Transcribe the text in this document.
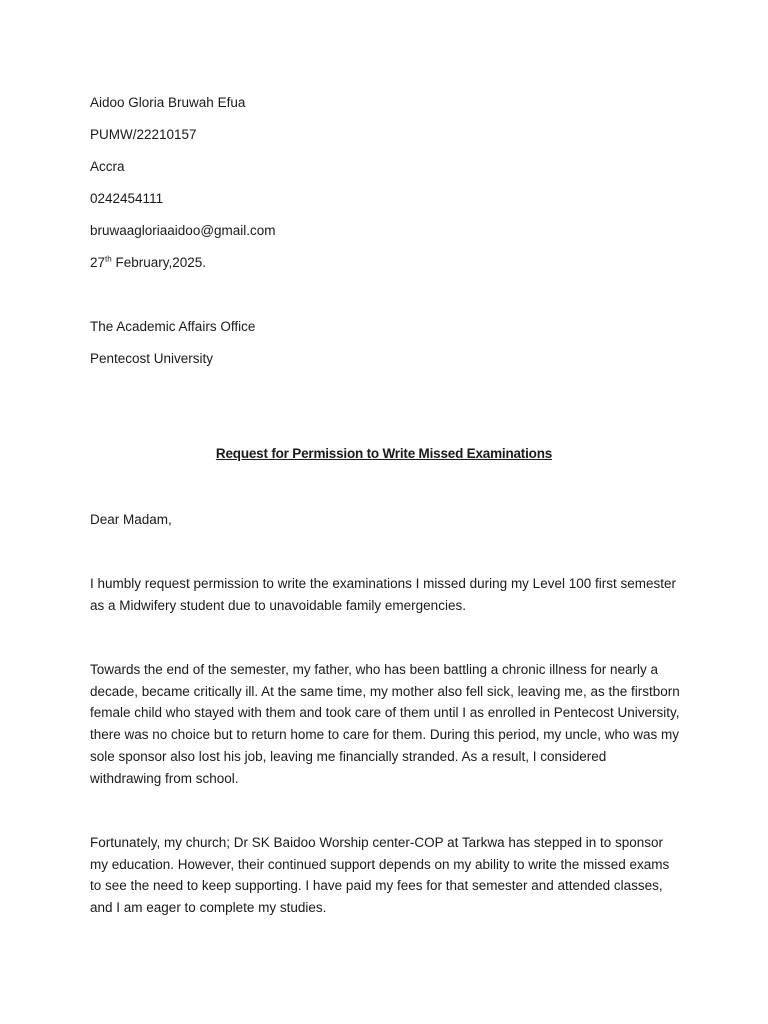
Aidoo Gloria Bruwah Efua
PUMW/22210157
Accra
0242454111
bruwaagloriaaidoo@gmail.com
27th February,2025.
The Academic Affairs Office
Pentecost University
Request for Permission to Write Missed Examinations
Dear Madam,

I humbly request permission to write the examinations I missed during my Level 100 first semester as a Midwifery student due to unavoidable family emergencies.

Towards the end of the semester, my father, who has been battling a chronic illness for nearly a decade, became critically ill. At the same time, my mother also fell sick, leaving me, as the firstborn female child who stayed with them and took care of them until I as enrolled in Pentecost University, there was no choice but to return home to care for them. During this period, my uncle, who was my sole sponsor also lost his job, leaving me financially stranded. As a result, I considered withdrawing from school.

Fortunately, my church; Dr SK Baidoo Worship center-COP at Tarkwa has stepped in to sponsor my education. However, their continued support depends on my ability to write the missed exams to see the need to keep supporting. I have paid my fees for that semester and attended classes, and I am eager to complete my studies.
